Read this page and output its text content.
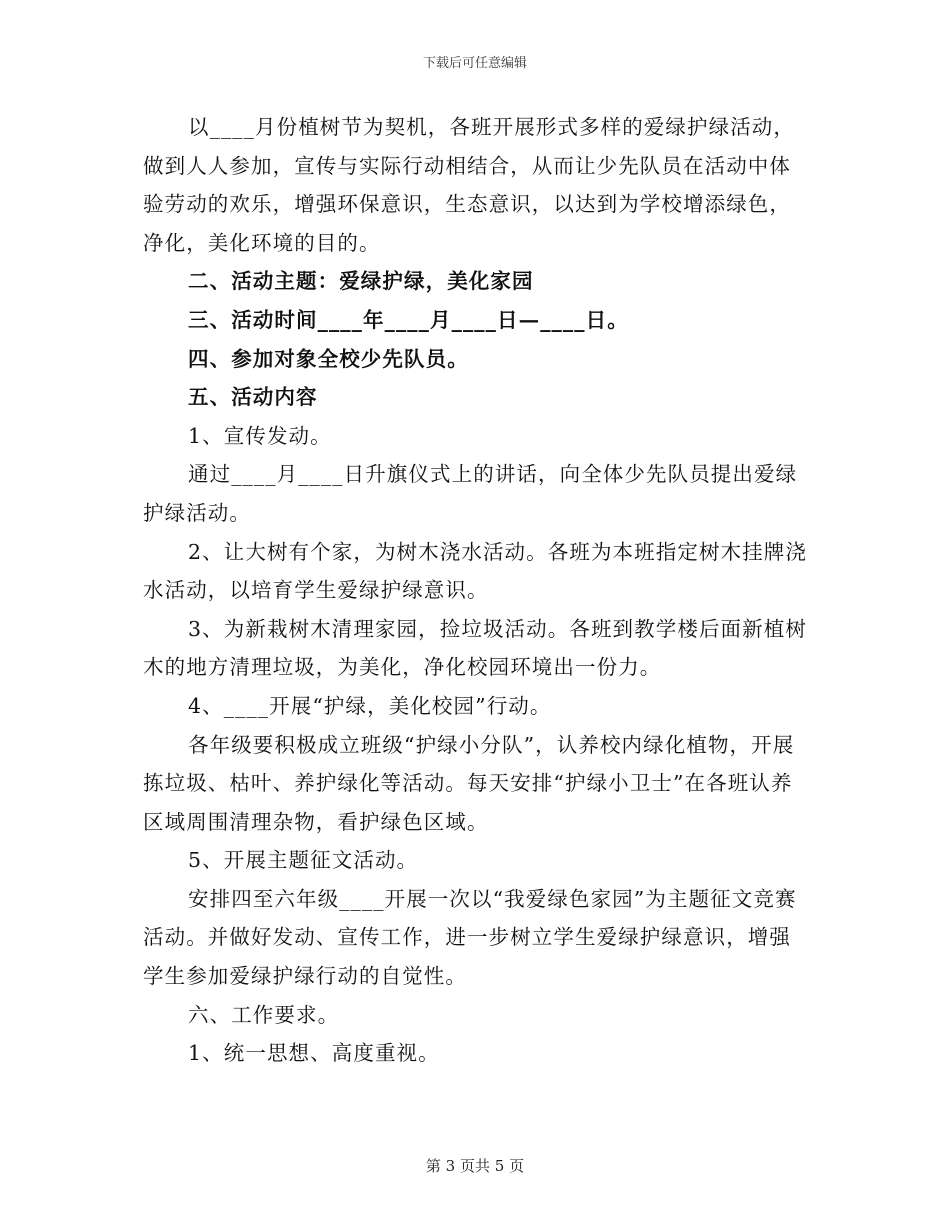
下载后可任意编辑

以____月份植树节为契机，各班开展形式多样的爱绿护绿活动，做到人人参加，宣传与实际行动相结合，从而让少先队员在活动中体验劳动的欢乐，增强环保意识，生态意识，以达到为学校增添绿色，净化，美化环境的目的。

二、活动主题：爱绿护绿，美化家园

三、活动时间____年____月____日—____日。

四、参加对象全校少先队员。

五、活动内容

1、宣传发动。

通过____月____日升旗仪式上的讲话，向全体少先队员提出爱绿护绿活动。

2、让大树有个家，为树木浇水活动。各班为本班指定树木挂牌浇水活动，以培育学生爱绿护绿意识。

3、为新栽树木清理家园，捡垃圾活动。各班到教学楼后面新植树木的地方清理垃圾，为美化，净化校园环境出一份力。

4、____开展“护绿，美化校园”行动。

各年级要积极成立班级“护绿小分队”，认养校内绿化植物，开展拣垃圾、枯叶、养护绿化等活动。每天安排“护绿小卫士”在各班认养区域周围清理杂物，看护绿色区域。

5、开展主题征文活动。

安排四至六年级____开展一次以“我爱绿色家园”为主题征文竞赛活动。并做好发动、宣传工作，进一步树立学生爱绿护绿意识，增强学生参加爱绿护绿行动的自觉性。

六、工作要求。

1、统一思想、高度重视。

第 3 页共 5 页
